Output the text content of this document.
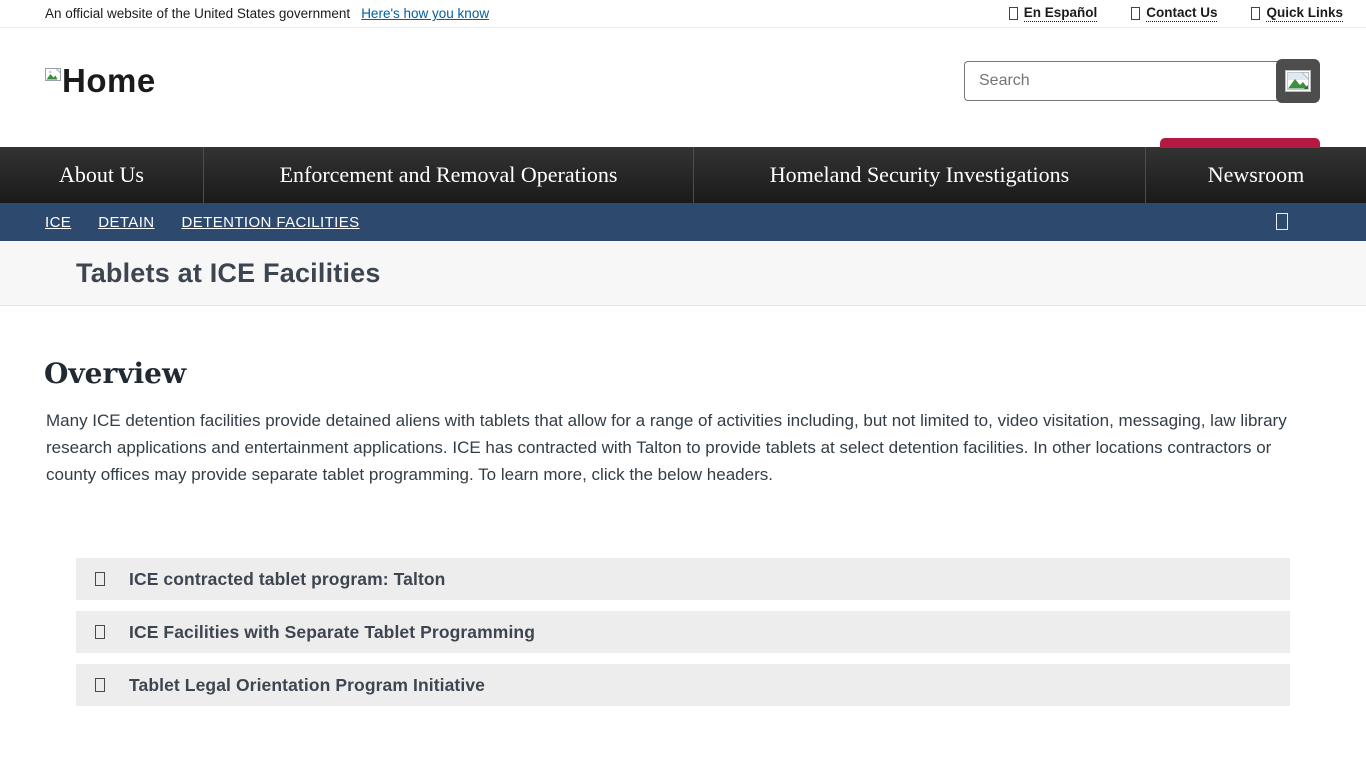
An official website of the United States government Here's how you know	En Español	Contact Us	Quick Links
Home
Search
About Us	Enforcement and Removal Operations	Homeland Security Investigations	Newsroom
ICE DETAIN DETENTION FACILITIES
Tablets at ICE Facilities
Overview

Many ICE detention facilities provide detained aliens with tablets that allow for a range of activities including, but not limited to, video visitation, messaging, law library research applications and entertainment applications. ICE has contracted with Talton to provide tablets at select detention facilities. In other locations contractors or county offices may provide separate tablet programming. To learn more, click the below headers.

ICE contracted tablet program: Talton
ICE Facilities with Separate Tablet Programming
Tablet Legal Orientation Program Initiative
